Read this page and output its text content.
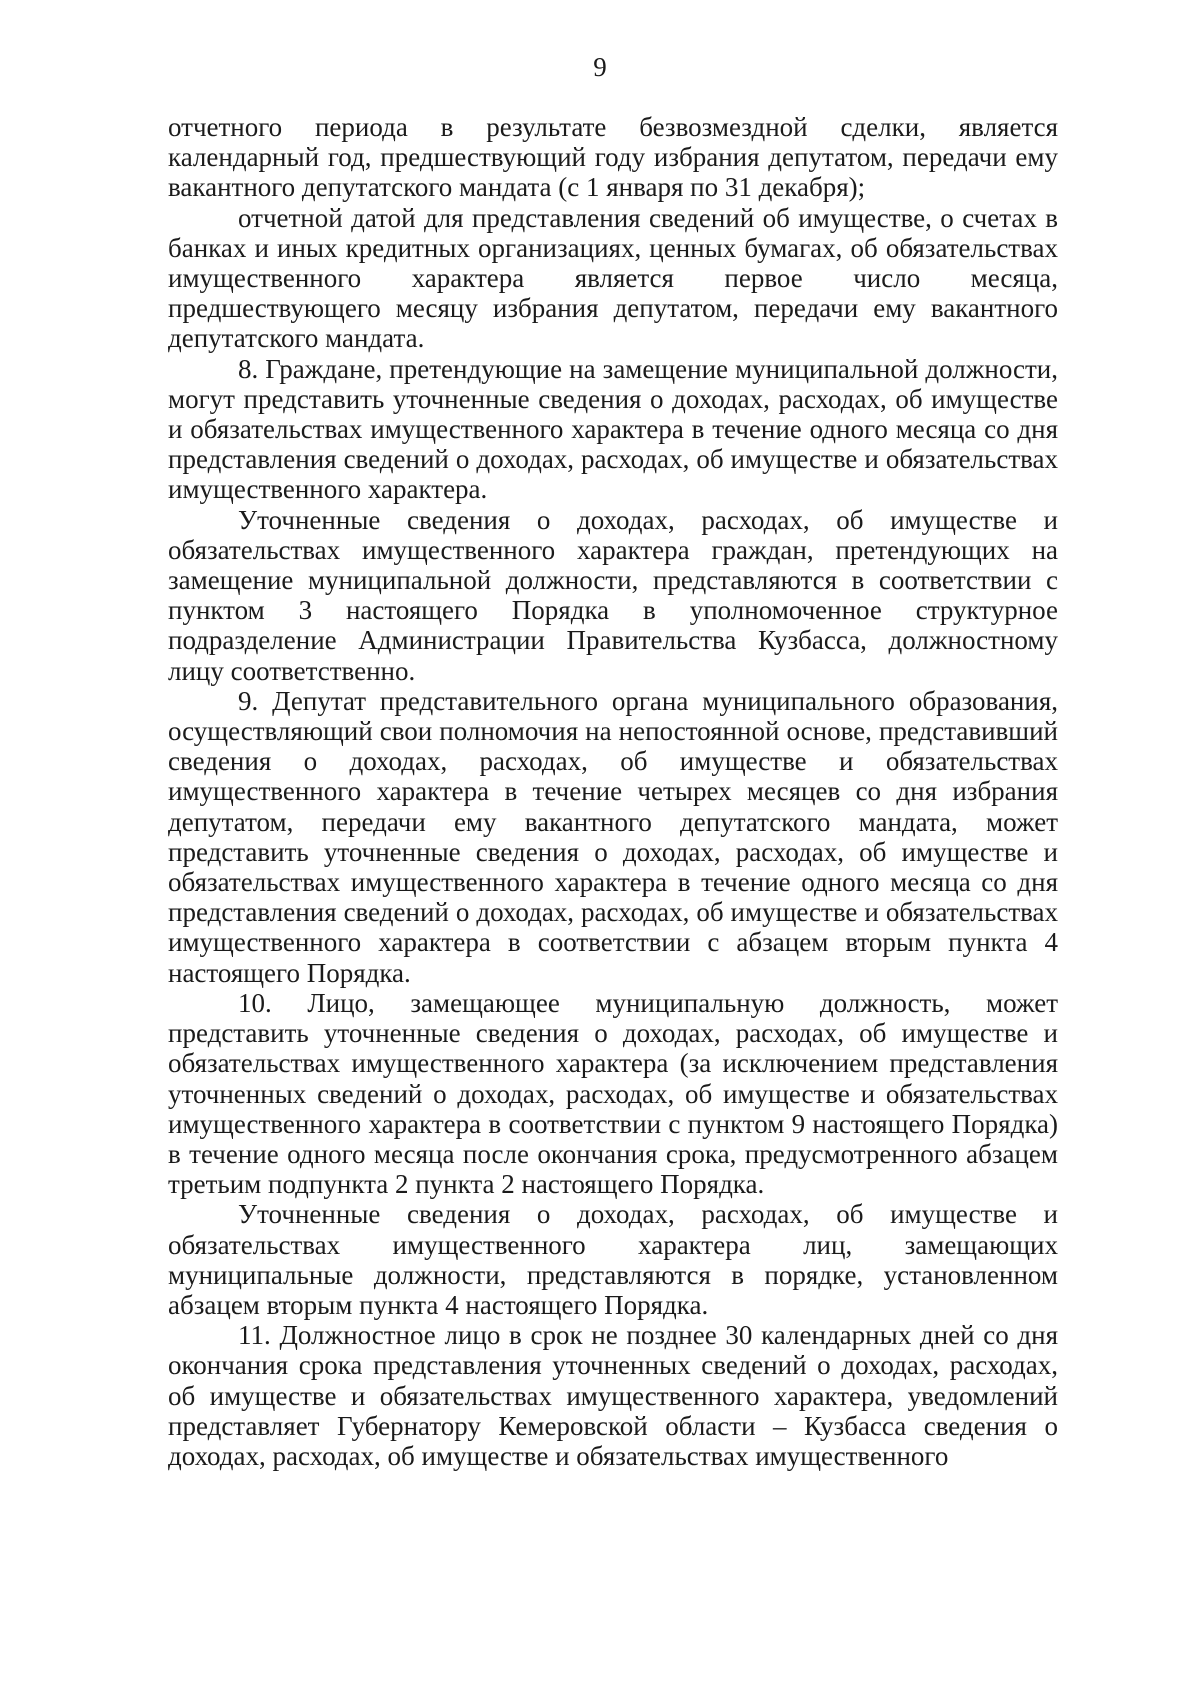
9

отчетного периода в результате безвозмездной сделки, является календарный год, предшествующий году избрания депутатом, передачи ему вакантного депутатского мандата (с 1 января по 31 декабря);

отчетной датой для представления сведений об имуществе, о счетах в банках и иных кредитных организациях, ценных бумагах, об обязательствах имущественного характера является первое число месяца, предшествующего месяцу избрания депутатом, передачи ему вакантного депутатского мандата.

8. Граждане, претендующие на замещение муниципальной должности, могут представить уточненные сведения о доходах, расходах, об имуществе и обязательствах имущественного характера в течение одного месяца со дня представления сведений о доходах, расходах, об имуществе и обязательствах имущественного характера.

Уточненные сведения о доходах, расходах, об имуществе и обязательствах имущественного характера граждан, претендующих на замещение муниципальной должности, представляются в соответствии с пунктом 3 настоящего Порядка в уполномоченное структурное подразделение Администрации Правительства Кузбасса, должностному лицу соответственно.

9. Депутат представительного органа муниципального образования, осуществляющий свои полномочия на непостоянной основе, представивший сведения о доходах, расходах, об имуществе и обязательствах имущественного характера в течение четырех месяцев со дня избрания депутатом, передачи ему вакантного депутатского мандата, может представить уточненные сведения о доходах, расходах, об имуществе и обязательствах имущественного характера в течение одного месяца со дня представления сведений о доходах, расходах, об имуществе и обязательствах имущественного характера в соответствии с абзацем вторым пункта 4 настоящего Порядка.

10. Лицо, замещающее муниципальную должность, может представить уточненные сведения о доходах, расходах, об имуществе и обязательствах имущественного характера (за исключением представления уточненных сведений о доходах, расходах, об имуществе и обязательствах имущественного характера в соответствии с пунктом 9 настоящего Порядка) в течение одного месяца после окончания срока, предусмотренного абзацем третьим подпункта 2 пункта 2 настоящего Порядка.

Уточненные сведения о доходах, расходах, об имуществе и обязательствах имущественного характера лиц, замещающих муниципальные должности, представляются в порядке, установленном абзацем вторым пункта 4 настоящего Порядка.

11. Должностное лицо в срок не позднее 30 календарных дней со дня окончания срока представления уточненных сведений о доходах, расходах, об имуществе и обязательствах имущественного характера, уведомлений представляет Губернатору Кемеровской области – Кузбасса сведения о доходах, расходах, об имуществе и обязательствах имущественного
